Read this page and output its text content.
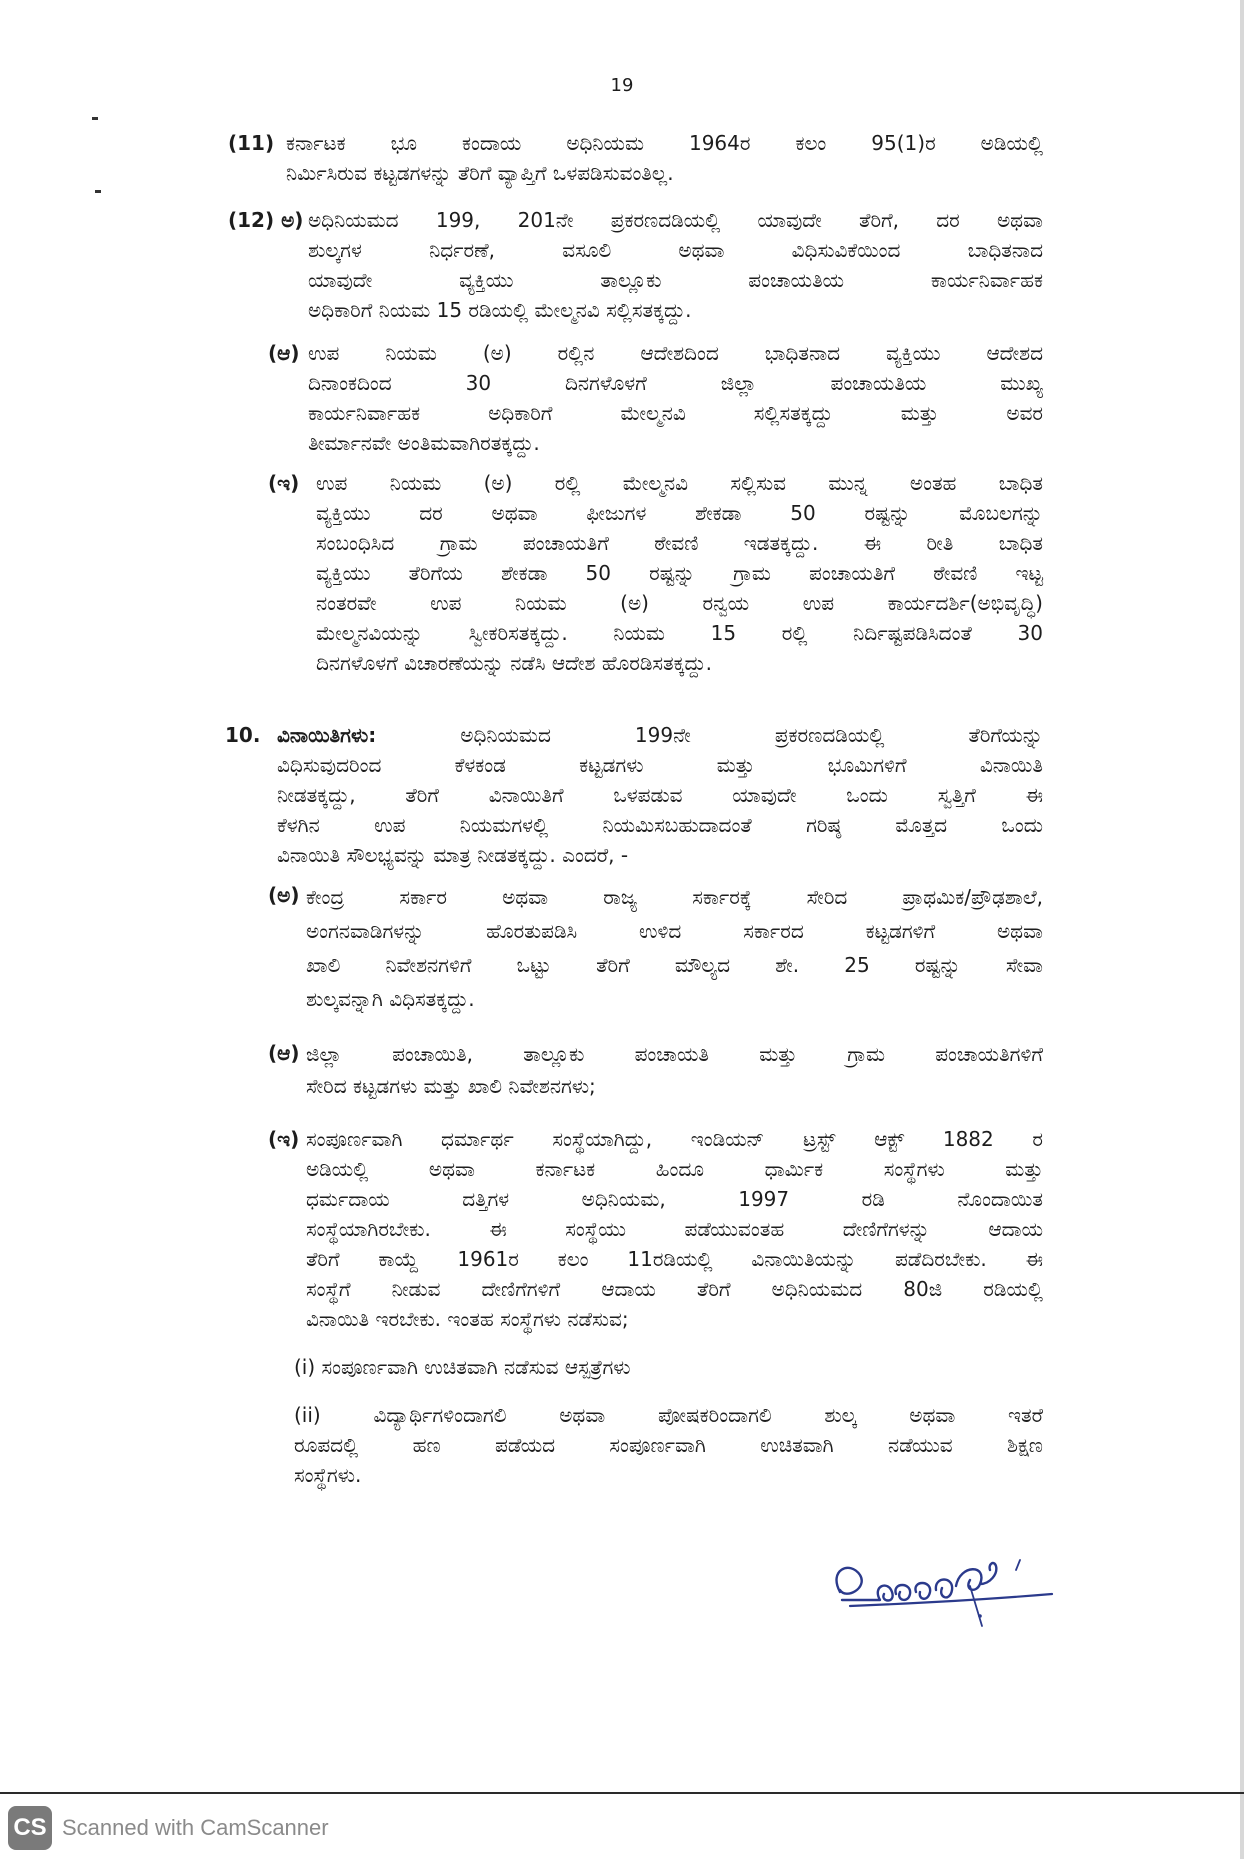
19
(11) ಕರ್ನಾಟಕ ಭೂ ಕಂದಾಯ ಅಧಿನಿಯಮ 1964ರ ಕಲಂ 95(1)ರ ಅಡಿಯಲ್ಲಿ
ನಿರ್ಮಿಸಿರುವ ಕಟ್ಟಡಗಳನ್ನು ತೆರಿಗೆ ವ್ಯಾಪ್ತಿಗೆ ಒಳಪಡಿಸುವಂತಿಲ್ಲ.
(12) ಅ) ಅಧಿನಿಯಮದ 199, 201ನೇ ಪ್ರಕರಣದಡಿಯಲ್ಲಿ ಯಾವುದೇ ತೆರಿಗೆ, ದರ ಅಥವಾ
ಶುಲ್ಕಗಳ ನಿರ್ಧರಣೆ, ವಸೂಲಿ ಅಥವಾ ವಿಧಿಸುವಿಕೆಯಿಂದ ಬಾಧಿತನಾದ
ಯಾವುದೇ ವ್ಯಕ್ತಿಯು ತಾಲ್ಲೂಕು ಪಂಚಾಯತಿಯ ಕಾರ್ಯನಿರ್ವಾಹಕ
ಅಧಿಕಾರಿಗೆ ನಿಯಮ 15 ರಡಿಯಲ್ಲಿ ಮೇಲ್ಮನವಿ ಸಲ್ಲಿಸತಕ್ಕದ್ದು.
(ಆ) ಉಪ ನಿಯಮ (ಅ) ರಲ್ಲಿನ ಆದೇಶದಿಂದ ಭಾಧಿತನಾದ ವ್ಯಕ್ತಿಯು ಆದೇಶದ
ದಿನಾಂಕದಿಂದ 30 ದಿನಗಳೊಳಗೆ ಜಿಲ್ಲಾ ಪಂಚಾಯತಿಯ ಮುಖ್ಯ
ಕಾರ್ಯನಿರ್ವಾಹಕ ಅಧಿಕಾರಿಗೆ ಮೇಲ್ಮನವಿ ಸಲ್ಲಿಸತಕ್ಕದ್ದು ಮತ್ತು ಅವರ
ತೀರ್ಮಾನವೇ ಅಂತಿಮವಾಗಿರತಕ್ಕದ್ದು.
(ಇ) ಉಪ ನಿಯಮ (ಅ) ರಲ್ಲಿ ಮೇಲ್ಮನವಿ ಸಲ್ಲಿಸುವ ಮುನ್ನ ಅಂತಹ ಬಾಧಿತ
ವ್ಯಕ್ತಿಯು ದರ ಅಥವಾ ಫೀಜುಗಳ ಶೇಕಡಾ 50 ರಷ್ಟನ್ನು ಮೊಬಲಗನ್ನು
ಸಂಬಂಧಿಸಿದ ಗ್ರಾಮ ಪಂಚಾಯತಿಗೆ ಠೇವಣಿ ಇಡತಕ್ಕದ್ದು. ಈ ರೀತಿ ಬಾಧಿತ
ವ್ಯಕ್ತಿಯು ತೆರಿಗೆಯ ಶೇಕಡಾ 50 ರಷ್ಟನ್ನು ಗ್ರಾಮ ಪಂಚಾಯತಿಗೆ ಠೇವಣಿ ಇಟ್ಟ
ನಂತರವೇ ಉಪ ನಿಯಮ (ಅ) ರನ್ವಯ ಉಪ ಕಾರ್ಯದರ್ಶಿ(ಅಭಿವೃದ್ಧಿ)
ಮೇಲ್ಮನವಿಯನ್ನು ಸ್ವೀಕರಿಸತಕ್ಕದ್ದು. ನಿಯಮ 15 ರಲ್ಲಿ ನಿರ್ದಿಷ್ಟಪಡಿಸಿದಂತೆ 30
ದಿನಗಳೊಳಗೆ ವಿಚಾರಣೆಯನ್ನು ನಡೆಸಿ ಆದೇಶ ಹೊರಡಿಸತಕ್ಕದ್ದು.
10. ವಿನಾಯಿತಿಗಳು:	ಅಧಿನಿಯಮದ 199ನೇ ಪ್ರಕರಣದಡಿಯಲ್ಲಿ ತೆರಿಗೆಯನ್ನು
ವಿಧಿಸುವುದರಿಂದ ಕೆಳಕಂಡ ಕಟ್ಟಡಗಳು ಮತ್ತು ಭೂಮಿಗಳಿಗೆ ವಿನಾಯಿತಿ
ನೀಡತಕ್ಕದ್ದು, ತೆರಿಗೆ ವಿನಾಯಿತಿಗೆ ಒಳಪಡುವ ಯಾವುದೇ ಒಂದು ಸ್ವತ್ತಿಗೆ ಈ
ಕೆಳಗಿನ ಉಪ ನಿಯಮಗಳಲ್ಲಿ ನಿಯಮಿಸಬಹುದಾದಂತೆ ಗರಿಷ್ಠ ಮೊತ್ತದ ಒಂದು
ವಿನಾಯಿತಿ ಸೌಲಭ್ಯವನ್ನು ಮಾತ್ರ ನೀಡತಕ್ಕದ್ದು. ಎಂದರೆ, -
(ಅ) ಕೇಂದ್ರ ಸರ್ಕಾರ ಅಥವಾ ರಾಜ್ಯ ಸರ್ಕಾರಕ್ಕೆ ಸೇರಿದ ಪ್ರಾಥಮಿಕ/ಪ್ರೌಢಶಾಲೆ,
ಅಂಗನವಾಡಿಗಳನ್ನು ಹೊರತುಪಡಿಸಿ ಉಳಿದ ಸರ್ಕಾರದ ಕಟ್ಟಡಗಳಿಗೆ ಅಥವಾ
ಖಾಲಿ ನಿವೇಶನಗಳಿಗೆ ಒಟ್ಟು ತೆರಿಗೆ ಮೌಲ್ಯದ ಶೇ. 25 ರಷ್ಟನ್ನು ಸೇವಾ
ಶುಲ್ಕವನ್ನಾಗಿ ವಿಧಿಸತಕ್ಕದ್ದು.
(ಆ) ಜಿಲ್ಲಾ ಪಂಚಾಯಿತಿ, ತಾಲ್ಲೂಕು ಪಂಚಾಯತಿ ಮತ್ತು ಗ್ರಾಮ ಪಂಚಾಯತಿಗಳಿಗೆ
ಸೇರಿದ ಕಟ್ಟಡಗಳು ಮತ್ತು ಖಾಲಿ ನಿವೇಶನಗಳು;
(ಇ) ಸಂಪೂರ್ಣವಾಗಿ ಧರ್ಮಾರ್ಥ ಸಂಸ್ಥೆಯಾಗಿದ್ದು, ಇಂಡಿಯನ್ ಟ್ರಸ್ಟ್ ಆಕ್ಟ್ 1882 ರ
ಅಡಿಯಲ್ಲಿ ಅಥವಾ ಕರ್ನಾಟಕ ಹಿಂದೂ ಧಾರ್ಮಿಕ ಸಂಸ್ಥೆಗಳು ಮತ್ತು
ಧರ್ಮದಾಯ ದತ್ತಿಗಳ ಅಧಿನಿಯಮ, 1997 ರಡಿ ನೊಂದಾಯಿತ
ಸಂಸ್ಥೆಯಾಗಿರಬೇಕು. ಈ ಸಂಸ್ಥೆಯು ಪಡೆಯುವಂತಹ ದೇಣಿಗೆಗಳನ್ನು ಆದಾಯ
ತೆರಿಗೆ ಕಾಯ್ದೆ 1961ರ ಕಲಂ 11ರಡಿಯಲ್ಲಿ ವಿನಾಯಿತಿಯನ್ನು ಪಡೆದಿರಬೇಕು. ಈ
ಸಂಸ್ಥೆಗೆ ನೀಡುವ ದೇಣಿಗೆಗಳಿಗೆ ಆದಾಯ ತೆರಿಗೆ ಅಧಿನಿಯಮದ 80ಜಿ ರಡಿಯಲ್ಲಿ
ವಿನಾಯಿತಿ ಇರಬೇಕು. ಇಂತಹ ಸಂಸ್ಥೆಗಳು ನಡೆಸುವ;
(i) ಸಂಪೂರ್ಣವಾಗಿ ಉಚಿತವಾಗಿ ನಡೆಸುವ ಆಸ್ಪತ್ರೆಗಳು
(ii) ವಿದ್ಯಾರ್ಥಿಗಳಿಂದಾಗಲಿ ಅಥವಾ ಪೋಷಕರಿಂದಾಗಲಿ ಶುಲ್ಕ ಅಥವಾ ಇತರೆ
ರೂಪದಲ್ಲಿ ಹಣ ಪಡೆಯದ ಸಂಪೂರ್ಣವಾಗಿ ಉಚಿತವಾಗಿ ನಡೆಯುವ ಶಿಕ್ಷಣ
ಸಂಸ್ಥೆಗಳು.
CS Scanned with CamScanner
